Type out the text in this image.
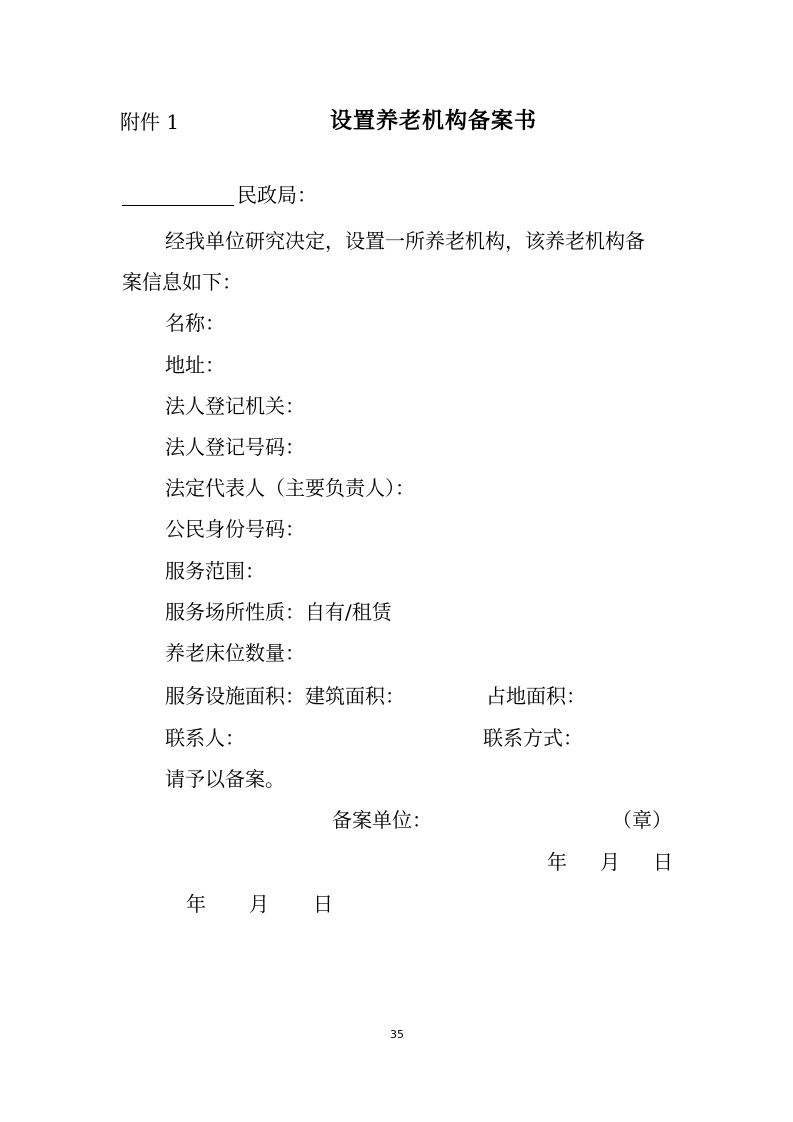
附件 1	设置养老机构备案书
民政局：
经我单位研究决定，设置一所养老机构，该养老机构备
案信息如下：
名称：
地址：
法人登记机关：
法人登记号码：
法定代表人（主要负责人）：
公民身份号码：
服务范围：
服务场所性质：自有/租赁
养老床位数量：
服务设施面积：建筑面积：	占地面积：
联系人：	联系方式：
请予以备案。
备案单位：	（章）
年 月 日
年 月 日
35
